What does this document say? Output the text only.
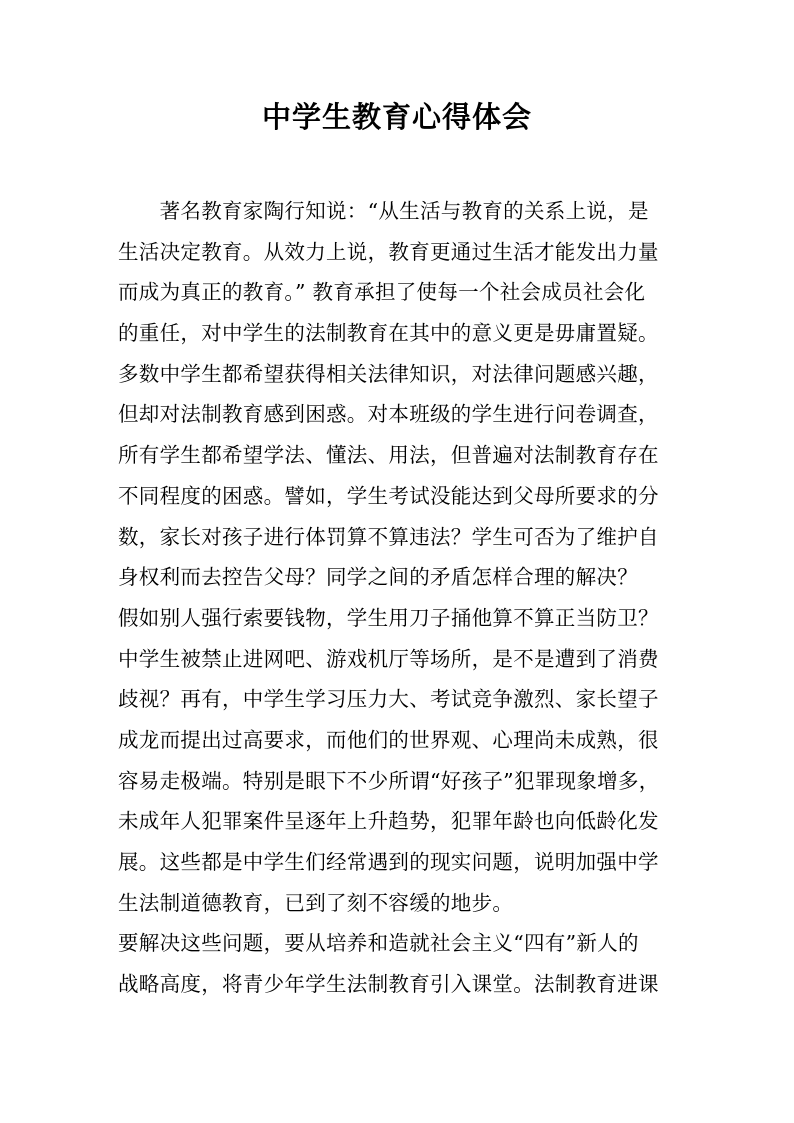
中学生教育心得体会
　　著名教育家陶行知说：“从生活与教育的关系上说，是
生活决定教育。从效力上说，教育更通过生活才能发出力量
而成为真正的教育。” 教育承担了使每一个社会成员社会化
的重任，对中学生的法制教育在其中的意义更是毋庸置疑。
多数中学生都希望获得相关法律知识，对法律问题感兴趣，
但却对法制教育感到困惑。对本班级的学生进行问卷调查，
所有学生都希望学法、懂法、用法，但普遍对法制教育存在
不同程度的困惑。譬如，学生考试没能达到父母所要求的分
数，家长对孩子进行体罚算不算违法？学生可否为了维护自
身权利而去控告父母？同学之间的矛盾怎样合理的解决？
假如别人强行索要钱物，学生用刀子捅他算不算正当防卫？
中学生被禁止进网吧、游戏机厅等场所，是不是遭到了消费
歧视？再有，中学生学习压力大、考试竞争激烈、家长望子
成龙而提出过高要求，而他们的世界观、心理尚未成熟，很
容易走极端。特别是眼下不少所谓“好孩子”犯罪现象增多，
未成年人犯罪案件呈逐年上升趋势，犯罪年龄也向低龄化发
展。这些都是中学生们经常遇到的现实问题，说明加强中学
生法制道德教育，已到了刻不容缓的地步。
要解决这些问题，要从培养和造就社会主义“四有”新人的
战略高度，将青少年学生法制教育引入课堂。法制教育进课
